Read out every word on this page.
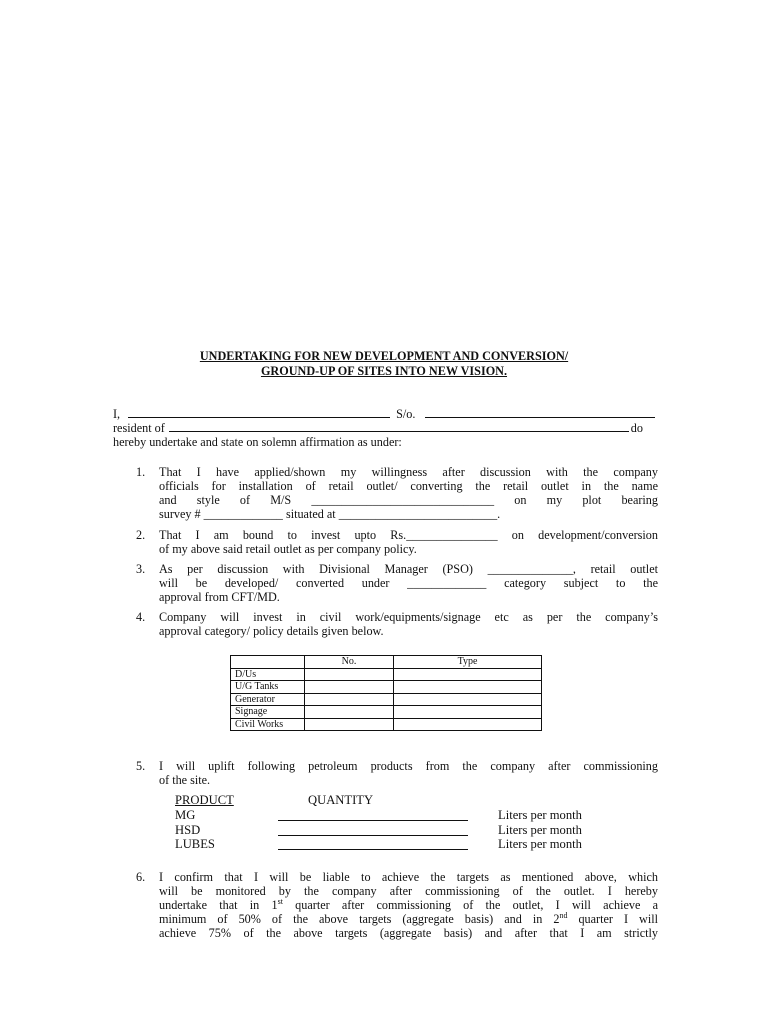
UNDERTAKING FOR NEW DEVELOPMENT AND CONVERSION/
GROUND-UP OF SITES INTO NEW VISION.
I,	S/o.
resident of	do
hereby undertake and state on solemn affirmation as under:
1.	That I have applied/shown my willingness after discussion with the company
officials for installation of retail outlet/ converting the retail outlet in the name
and style of M/S ______________________________ on my plot bearing
survey # _____________ situated at __________________________.
2.	That I am bound to invest upto Rs._______________ on development/conversion
of my above said retail outlet as per company policy.
3.	As per discussion with Divisional Manager (PSO) ______________, retail outlet
will be developed/ converted under _____________ category subject to the
approval from CFT/MD.
4.	Company will invest in civil work/equipments/signage etc as per the company’s
approval category/ policy details given below.
	No.	Type
D/Us		
U/G Tanks		
Generator		
Signage		
Civil Works		
5.	I will uplift following petroleum products from the company after commissioning
of the site.
PRODUCT	QUANTITY
MG	Liters per month
HSD	Liters per month
LUBES	Liters per month
6.	I confirm that I will be liable to achieve the targets as mentioned above, which
will be monitored by the company after commissioning of the outlet. I hereby
undertake that in 1st quarter after commissioning of the outlet, I will achieve a
minimum of 50% of the above targets (aggregate basis) and in 2nd quarter I will
achieve 75% of the above targets (aggregate basis) and after that I am strictly
